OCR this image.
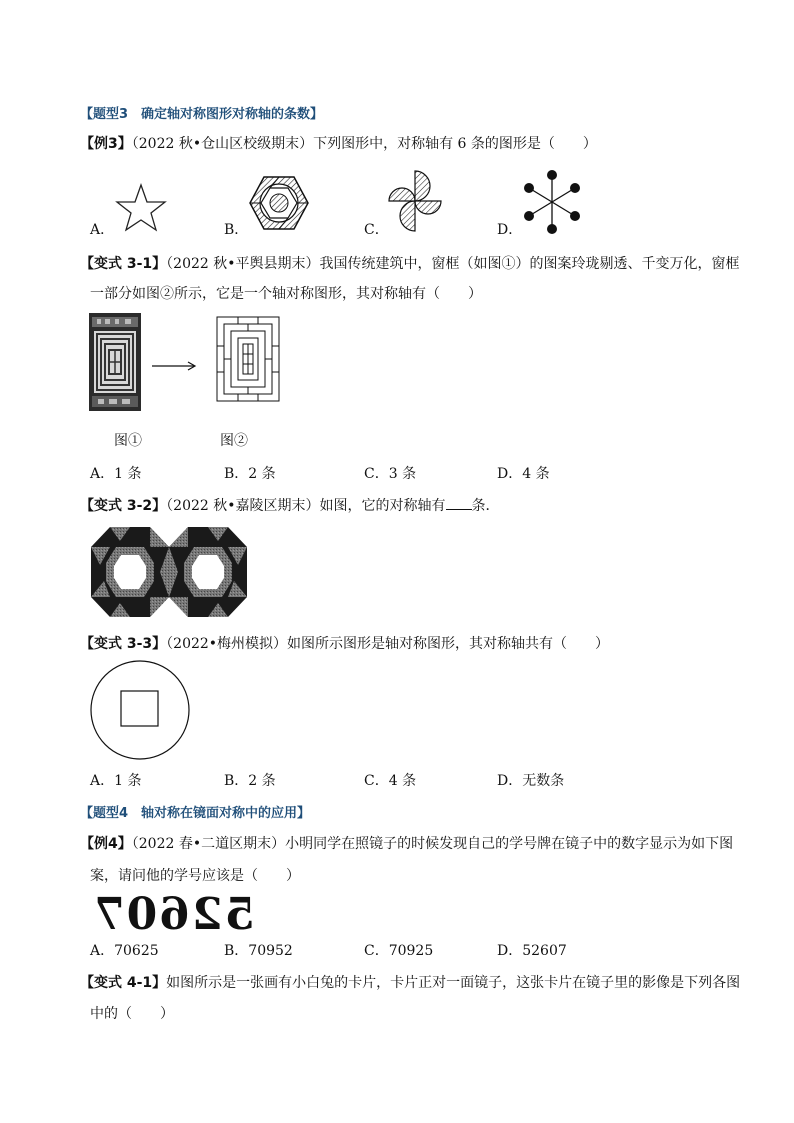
【题型3　确定轴对称图形对称轴的条数】
【例3】（2022 秋•仓山区校级期末）下列图形中，对称轴有 6 条的图形是（　　）
A．	B．	C．	D．
【变式 3-1】（2022 秋•平舆县期末）我国传统建筑中，窗框（如图①）的图案玲珑剔透、千变万化，窗框
一部分如图②所示，它是一个轴对称图形，其对称轴有（　　）
图①	图②
A．1 条	B．2 条	C．3 条	D．4 条
【变式 3-2】（2022 秋•嘉陵区期末）如图，它的对称轴有 条．
【变式 3-3】（2022•梅州模拟）如图所示图形是轴对称图形，其对称轴共有（　　）
A．1 条	B．2 条	C．4 条	D．无数条
【题型4　轴对称在镜面对称中的应用】
【例4】（2022 春•二道区期末）小明同学在照镜子的时候发现自己的学号牌在镜子中的数字显示为如下图
案，请问他的学号应该是（　　）
52607
A．70625	B．70952	C．70925	D．52607
【变式 4-1】如图所示是一张画有小白兔的卡片，卡片正对一面镜子，这张卡片在镜子里的影像是下列各图
中的（　　）
